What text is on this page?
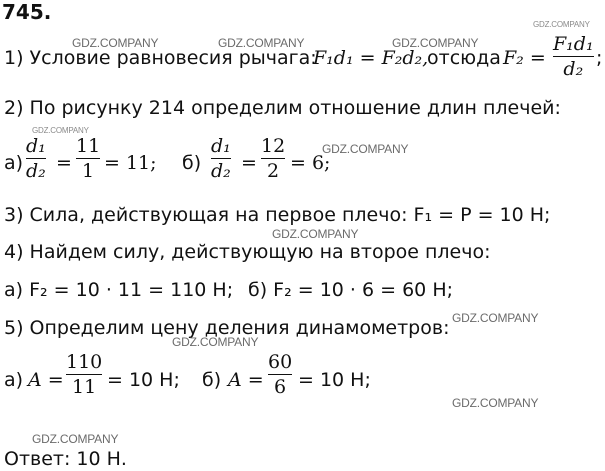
745.
1) Условие равновесия рычага:
F₁d₁ = F₂d₂,
отсюда F₂ =
F₁d₁
d₂ ;
2) По рисунку 214 определим отношение длин плечей:
а)
d₁
d₂ =
11
1 = 11; б)
d₁
d₂ =
12
2 = 6;
3) Сила, действующая на первое плечо: F₁ = P = 10 Н;
4) Найдем силу, действующую на второе плечо:
а) F₂ = 10 · 11 = 110 Н; б) F₂ = 10 · 6 = 60 Н;
5) Определим цену деления динамометров:
а) A =
110
11 = 10 Н; б) A =
60
6 = 10 Н;
Ответ: 10 Н.
GDZ.COMPANY
GDZ.COMPANY	GDZ.COMPANY	GDZ.COMPANY
GDZ.COMPANY
GDZ.COMPANY
GDZ.COMPANY
GDZ.COMPANY
GDZ.COMPANY
GDZ.COMPANY
GDZ.COMPANY
